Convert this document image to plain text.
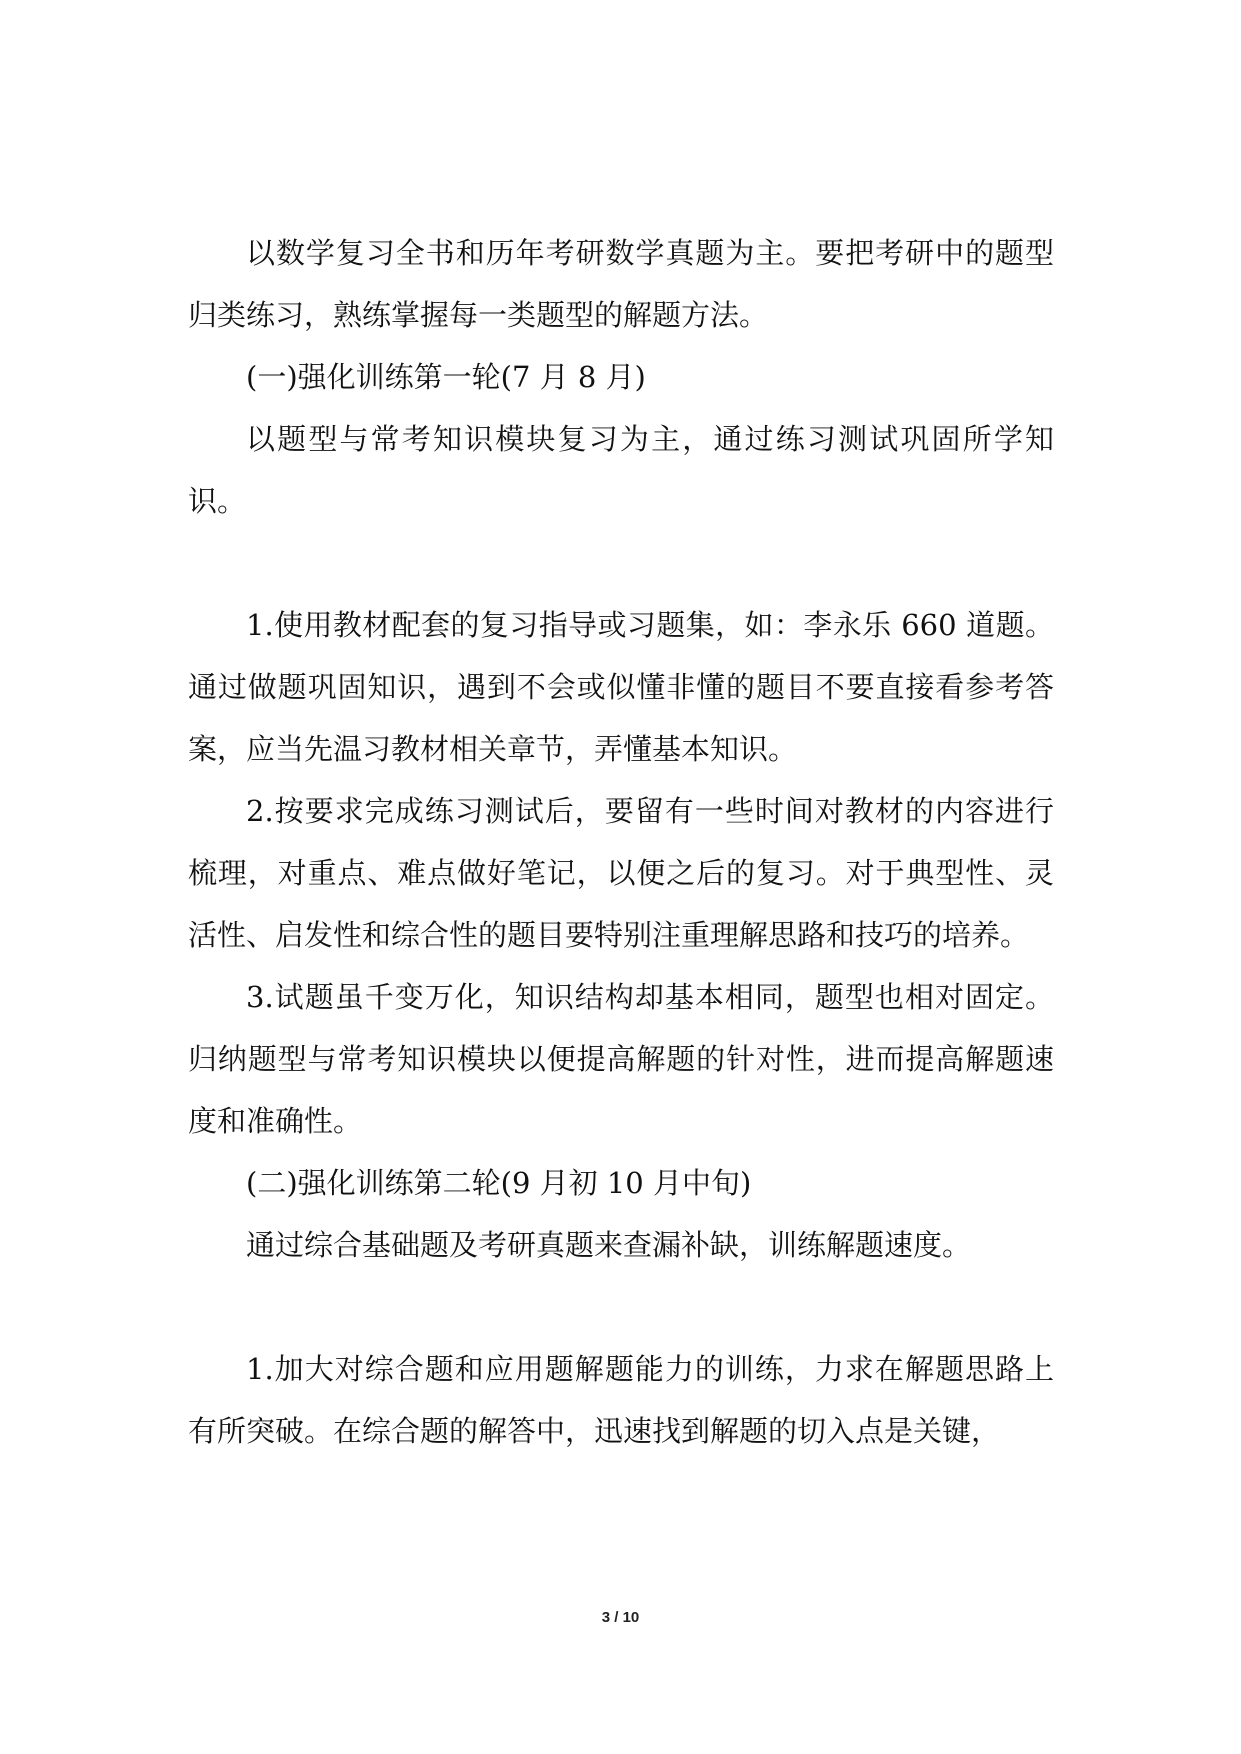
以数学复习全书和历年考研数学真题为主。要把考研中的题型归类练习，熟练掌握每一类题型的解题方法。

(一)强化训练第一轮(7 月 8 月)

以题型与常考知识模块复习为主，通过练习测试巩固所学知识。

1.使用教材配套的复习指导或习题集，如：李永乐 660 道题。通过做题巩固知识，遇到不会或似懂非懂的题目不要直接看参考答案，应当先温习教材相关章节，弄懂基本知识。

2.按要求完成练习测试后，要留有一些时间对教材的内容进行梳理，对重点、难点做好笔记，以便之后的复习。对于典型性、灵活性、启发性和综合性的题目要特别注重理解思路和技巧的培养。

3.试题虽千变万化，知识结构却基本相同，题型也相对固定。归纳题型与常考知识模块以便提高解题的针对性，进而提高解题速度和准确性。

(二)强化训练第二轮(9 月初 10 月中旬)

通过综合基础题及考研真题来查漏补缺，训练解题速度。

1.加大对综合题和应用题解题能力的训练，力求在解题思路上有所突破。在综合题的解答中，迅速找到解题的切入点是关键，

3 / 10
